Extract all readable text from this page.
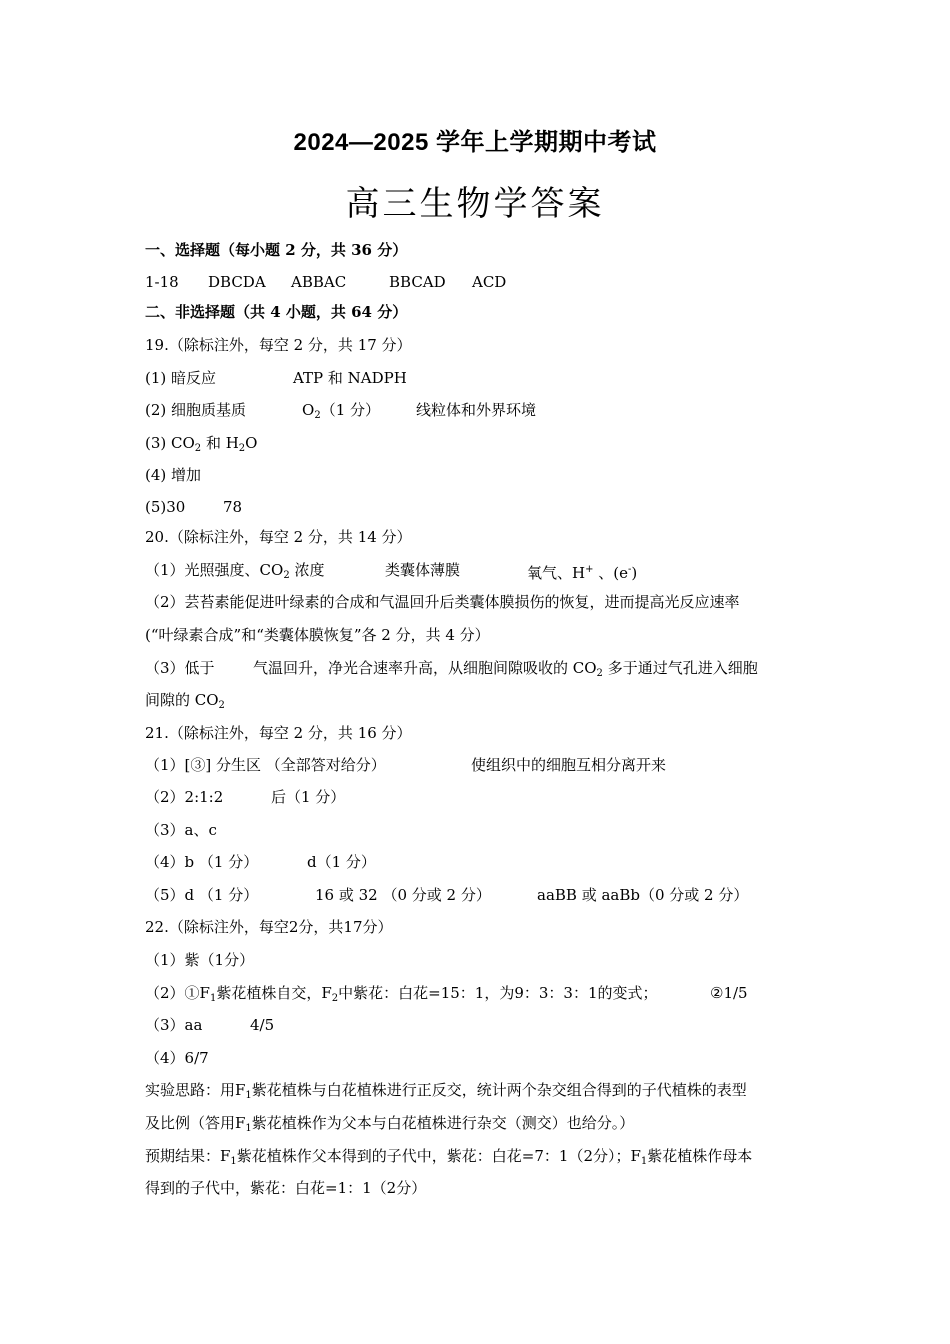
2024—2025 学年上学期期中考试
高三生物学答案
一、选择题（每小题 2 分，共 36 分）
1-18 DBCDA ABBAC	BBCAD ACD
二、非选择题（共 4 小题，共 64 分）
19.（除标注外，每空 2 分，共 17 分）
(1) 暗反应	ATP 和 NADPH
(2) 细胞质基质	$O_2(1$ 分） 线粒体和外界环境
(3) $CO_2$ 和 $H_2O$
(4) 增加
(5)30	78
20.（除标注外，每空 2 分，共 14 分）
（1）光照强度、$CO_2$ 浓度	类囊体薄膜	氧气、H+ 、(e-)
（2）芸苔素能促进叶绿素的合成和气温回升后类囊体膜损伤的恢复，进而提高光反应速率
(“叶绿素合成”和“类囊体膜恢复”各 2 分，共 4 分）
（3）低于	气温回升，净光合速率升高，从细胞间隙吸收的 $CO_2$ 多于通过气孔进入细胞
间隙的 $CO_2$
21.（除标注外，每空 2 分，共 16 分）
（1）[③] 分生区 （全部答对给分）	使组织中的细胞互相分离开来
（2）2:1:2	后（1 分）
（3）a、c
（4）b （1 分）	d（1 分）
（5）d （1 分）	16 或 32 （0 分或 2 分）	aaBB 或 aaBb（0 分或 2 分）
22.（除标注外，每空2分，共17分）
（1）紫（1分）
$(2)①F_1$紫花植株自交，$F_2$中紫花：白花=15：1，为9：3：3：1的变式；	②1/5
（3）aa	4/5
（4）6/7
实验思路：用$F_1$紫花植株与白花植株进行正反交，统计两个杂交组合得到的子代植株的表型
及比例（答用$F_1$紫花植株作为父本与白花植株进行杂交（测交）也给分。）
预期结果：$F_1$紫花植株作父本得到的子代中，紫花：白花=7：1（2分）；$F_1$紫花植株作母本
得到的子代中，紫花：白花=1：1（2分）
